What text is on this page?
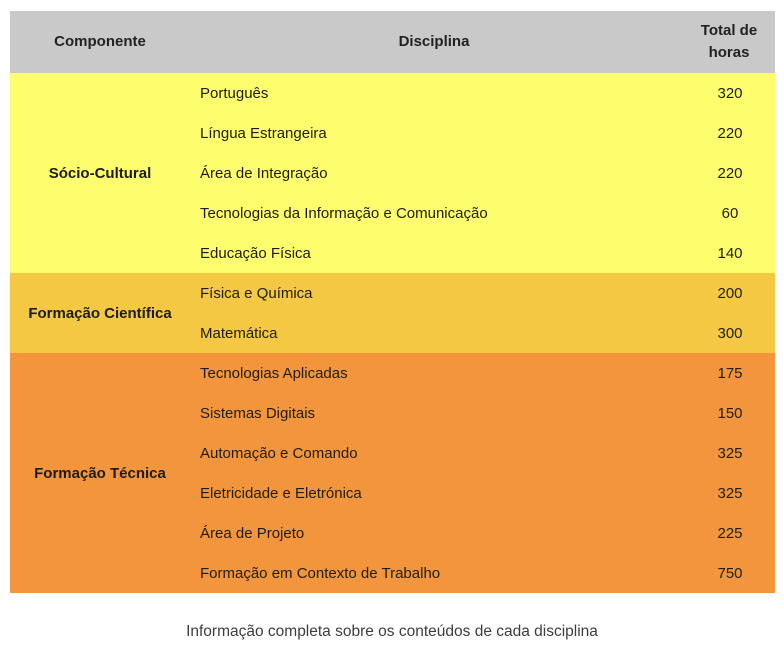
Componente	Disciplina	Total de horas
Sócio-Cultural	Português	320
	Língua Estrangeira	220
	Área de Integração	220
	Tecnologias da Informação e Comunicação	60
	Educação Física	140
Formação Científica	Física e Química	200
	Matemática	300
Formação Técnica	Tecnologias Aplicadas	175
	Sistemas Digitais	150
	Automação e Comando	325
	Eletricidade e Eletrónica	325
	Área de Projeto	225
	Formação em Contexto de Trabalho	750
Informação completa sobre os conteúdos de cada disciplina
